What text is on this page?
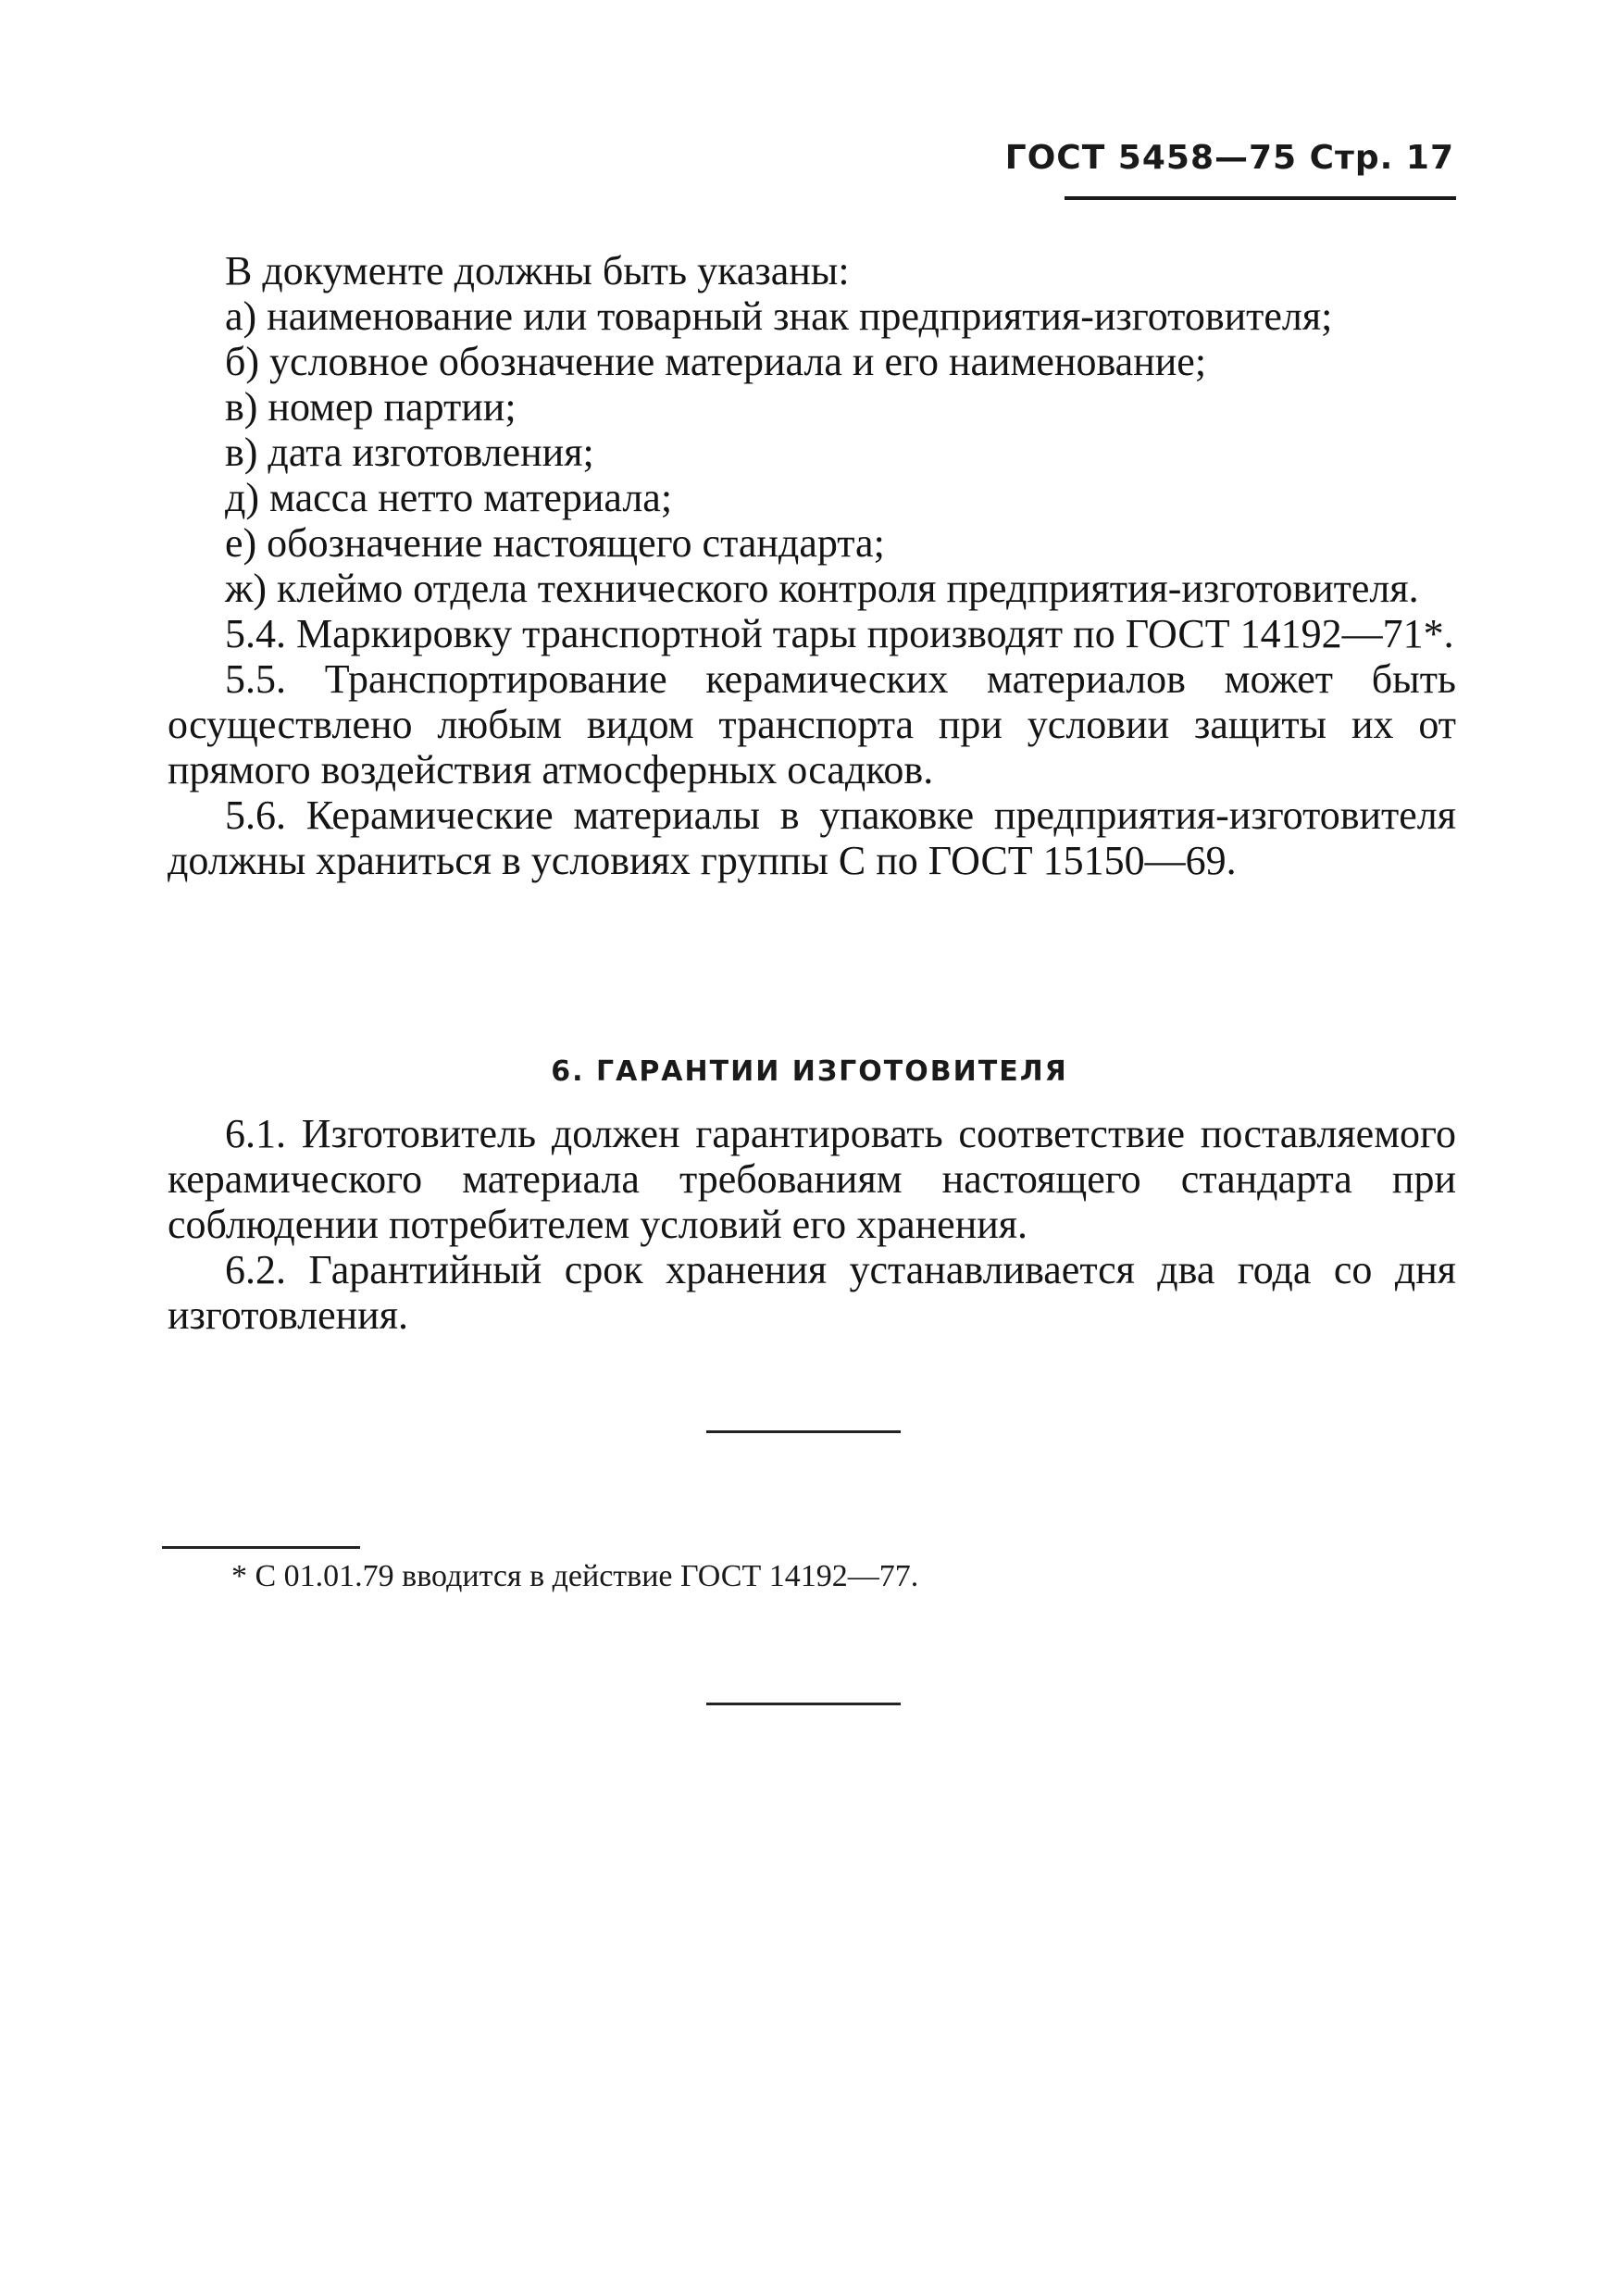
ГОСТ 5458—75 Стр. 17

В документе должны быть указаны:

а) наименование или товарный знак предприятия-изготовителя;

б) условное обозначение материала и его наименование;

в) номер партии;

в) дата изготовления;

д) масса нетто материала;

е) обозначение настоящего стандарта;

ж) клеймо отдела технического контроля предприятия-изготовителя.

5.4. Маркировку транспортной тары производят по ГОСТ 14192—71*.

5.5. Транспортирование керамических материалов может быть осуществлено любым видом транспорта при условии защиты их от прямого воздействия атмосферных осадков.

5.6. Керамические материалы в упаковке предприятия-изготовителя должны храниться в условиях группы С по ГОСТ 15150—69.

6. ГАРАНТИИ ИЗГОТОВИТЕЛЯ

6.1. Изготовитель должен гарантировать соответствие поставляемого керамического материала требованиям настоящего стандарта при соблюдении потребителем условий его хранения.

6.2. Гарантийный срок хранения устанавливается два года со дня изготовления.

* С 01.01.79 вводится в действие ГОСТ 14192—77.
